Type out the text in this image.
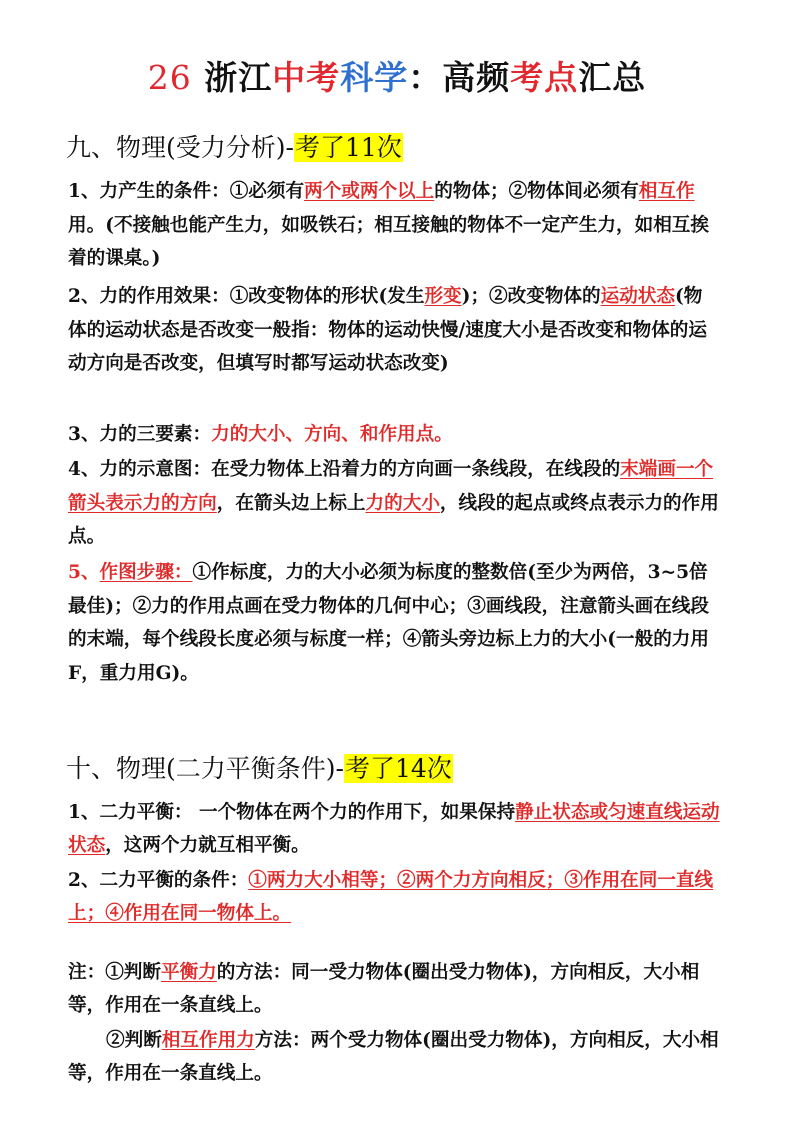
26 浙江中考科学：高频考点汇总
九、物理(受力分析)-考了11次
1、力产生的条件：①必须有两个或两个以上的物体；②物体间必须有相互作用。(不接触也能产生力，如吸铁石；相互接触的物体不一定产生力，如相互挨着的课桌。)
2、力的作用效果：①改变物体的形状(发生形变)；②改变物体的运动状态(物体的运动状态是否改变一般指：物体的运动快慢/速度大小是否改变和物体的运动方向是否改变，但填写时都写运动状态改变)
3、力的三要素：力的大小、方向、和作用点。
4、力的示意图：在受力物体上沿着力的方向画一条线段，在线段的末端画一个箭头表示力的方向，在箭头边上标上力的大小，线段的起点或终点表示力的作用点。
5、作图步骤：①作标度，力的大小必须为标度的整数倍(至少为两倍，3~5倍最佳)；②力的作用点画在受力物体的几何中心；③画线段，注意箭头画在线段的末端，每个线段长度必须与标度一样；④箭头旁边标上力的大小(一般的力用F，重力用G)。
十、物理(二力平衡条件)-考了14次
1、二力平衡： 一个物体在两个力的作用下，如果保持静止状态或匀速直线运动状态，这两个力就互相平衡。
2、二力平衡的条件：①两力大小相等；②两个力方向相反；③作用在同一直线上；④作用在同一物体上。
注：①判断平衡力的方法：同一受力物体(圈出受力物体)，方向相反，大小相等，作用在一条直线上。
②判断相互作用力方法：两个受力物体(圈出受力物体)，方向相反，大小相等，作用在一条直线上。
